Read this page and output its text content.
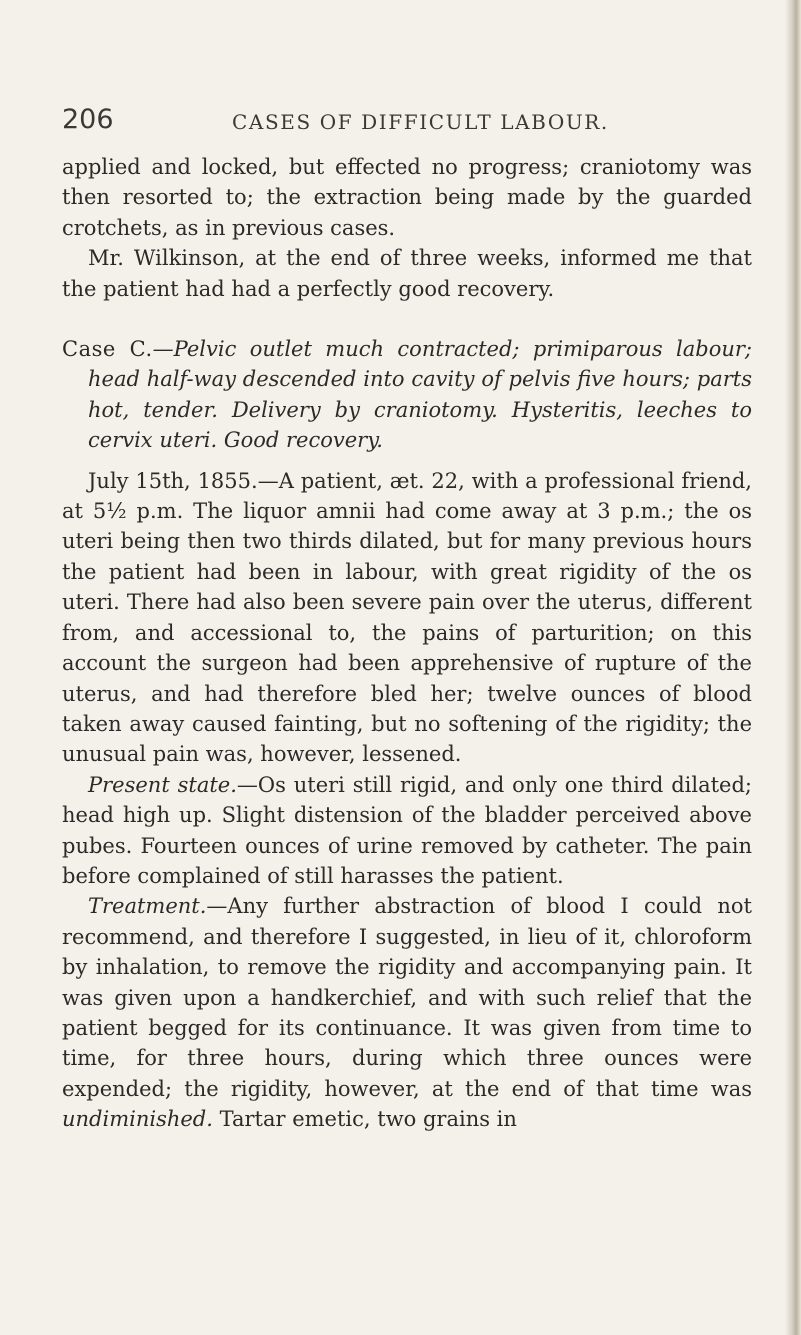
206	CASES OF DIFFICULT LABOUR.

applied and locked, but effected no progress; craniotomy was then resorted to; the extraction being made by the guarded crotchets, as in previous cases.

Mr. Wilkinson, at the end of three weeks, informed me that the patient had had a perfectly good recovery.

Case C.—Pelvic outlet much contracted; primiparous labour; head half-way descended into cavity of pelvis five hours; parts hot, tender. Delivery by craniotomy. Hysteritis, leeches to cervix uteri. Good recovery.

July 15th, 1855.—A patient, æt. 22, with a professional friend, at 5½ p.m. The liquor amnii had come away at 3 p.m.; the os uteri being then two thirds dilated, but for many previous hours the patient had been in labour, with great rigidity of the os uteri. There had also been severe pain over the uterus, different from, and accessional to, the pains of parturition; on this account the surgeon had been apprehensive of rupture of the uterus, and had therefore bled her; twelve ounces of blood taken away caused fainting, but no softening of the rigidity; the unusual pain was, however, lessened.

Present state.—Os uteri still rigid, and only one third dilated; head high up. Slight distension of the bladder perceived above pubes. Fourteen ounces of urine removed by catheter. The pain before complained of still harasses the patient.

Treatment.—Any further abstraction of blood I could not recommend, and therefore I suggested, in lieu of it, chloroform by inhalation, to remove the rigidity and accompanying pain. It was given upon a handkerchief, and with such relief that the patient begged for its continuance. It was given from time to time, for three hours, during which three ounces were expended; the rigidity, however, at the end of that time was undiminished. Tartar emetic, two grains in
